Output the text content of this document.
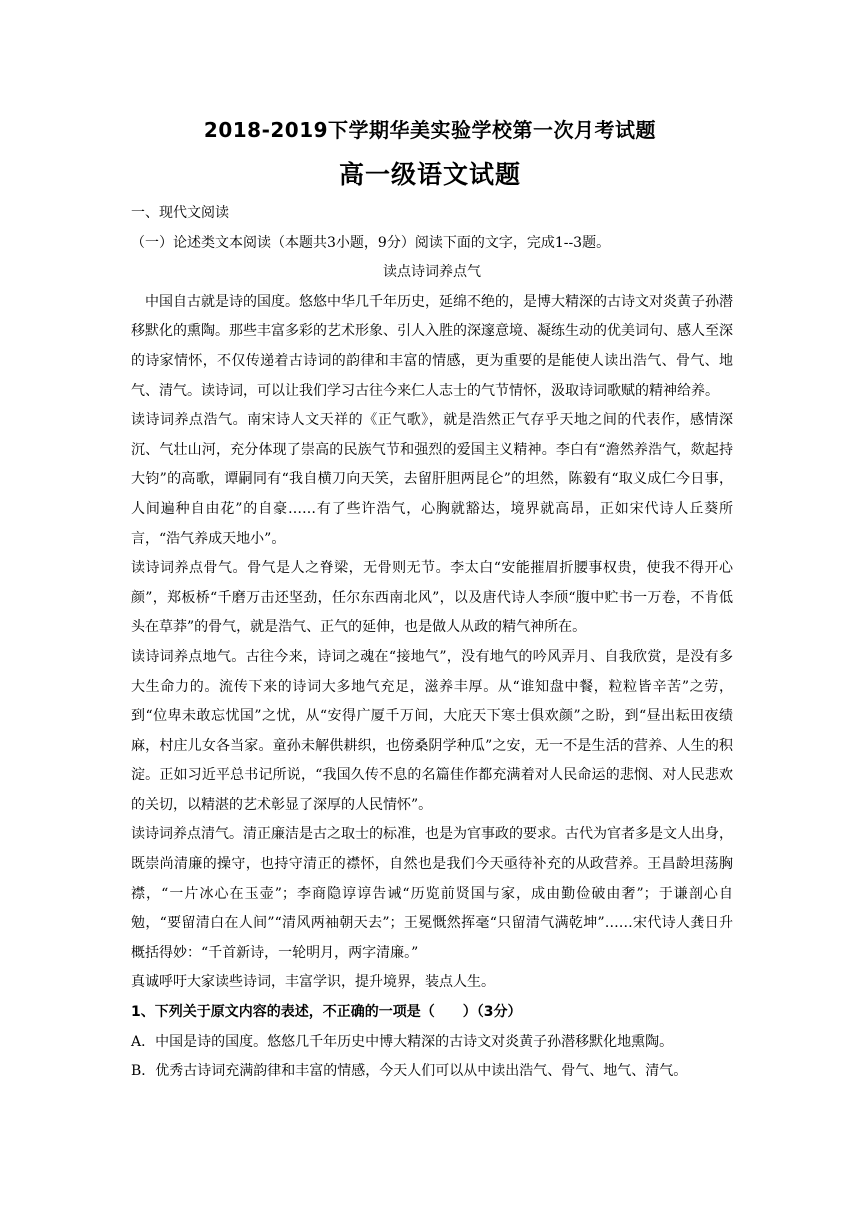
2018-2019下学期华美实验学校第一次月考试题
高一级语文试题

一、现代文阅读

（一）论述类文本阅读（本题共3小题，9分）阅读下面的文字，完成1--3题。

读点诗词养点气

中国自古就是诗的国度。悠悠中华几千年历史，延绵不绝的，是博大精深的古诗文对炎黄子孙潜移默化的熏陶。那些丰富多彩的艺术形象、引人入胜的深邃意境、凝练生动的优美词句、感人至深的诗家情怀，不仅传递着古诗词的韵律和丰富的情感，更为重要的是能使人读出浩气、骨气、地气、清气。读诗词，可以让我们学习古往今来仁人志士的气节情怀，汲取诗词歌赋的精神给养。

读诗词养点浩气。南宋诗人文天祥的《正气歌》，就是浩然正气存乎天地之间的代表作，感情深沉、气壮山河，充分体现了崇高的民族气节和强烈的爱国主义精神。李白有“澹然养浩气，欻起持大钧”的高歌，谭嗣同有“我自横刀向天笑，去留肝胆两昆仑”的坦然，陈毅有“取义成仁今日事，人间遍种自由花”的自豪……有了些许浩气，心胸就豁达，境界就高昂，正如宋代诗人丘葵所言，“浩气养成天地小”。

读诗词养点骨气。骨气是人之脊梁，无骨则无节。李太白“安能摧眉折腰事权贵，使我不得开心颜”，郑板桥“千磨万击还坚劲，任尔东西南北风”，以及唐代诗人李颀“腹中贮书一万卷，不肯低头在草莽”的骨气，就是浩气、正气的延伸，也是做人从政的精气神所在。

读诗词养点地气。古往今来，诗词之魂在“接地气”，没有地气的吟风弄月、自我欣赏，是没有多大生命力的。流传下来的诗词大多地气充足，滋养丰厚。从“谁知盘中餐，粒粒皆辛苦”之劳，到“位卑未敢忘忧国”之忧，从“安得广厦千万间，大庇天下寒士俱欢颜”之盼，到“昼出耘田夜绩麻，村庄儿女各当家。童孙未解供耕织，也傍桑阴学种瓜”之安，无一不是生活的营养、人生的积淀。正如习近平总书记所说，“我国久传不息的名篇佳作都充满着对人民命运的悲悯、对人民悲欢的关切，以精湛的艺术彰显了深厚的人民情怀”。

读诗词养点清气。清正廉洁是古之取士的标准，也是为官事政的要求。古代为官者多是文人出身，既崇尚清廉的操守，也持守清正的襟怀，自然也是我们今天亟待补充的从政营养。王昌龄坦荡胸襟，“一片冰心在玉壶”；李商隐谆谆告诫“历览前贤国与家，成由勤俭破由奢”；于谦剖心自勉，“要留清白在人间”“清风两袖朝天去”；王冕慨然挥毫“只留清气满乾坤”……宋代诗人龚日升概括得妙：“千首新诗，一轮明月，两字清廉。”

真诚呼吁大家读些诗词，丰富学识，提升境界，装点人生。

1、下列关于原文内容的表述，不正确的一项是（　　）（3分）

A．中国是诗的国度。悠悠几千年历史中博大精深的古诗文对炎黄子孙潜移默化地熏陶。

B．优秀古诗词充满韵律和丰富的情感，今天人们可以从中读出浩气、骨气、地气、清气。
